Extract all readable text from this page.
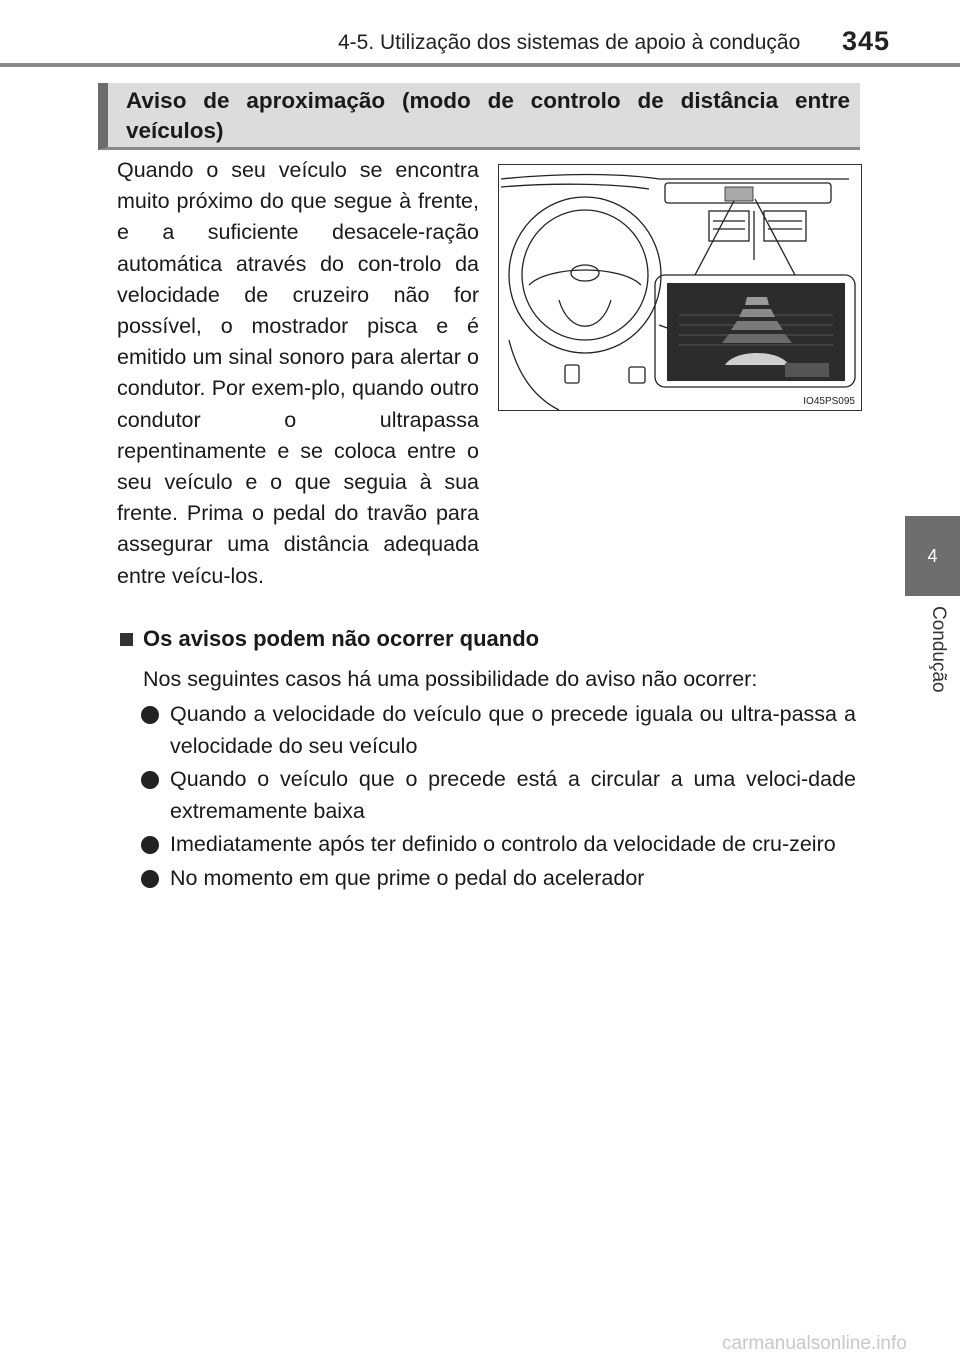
4-5. Utilização dos sistemas de apoio à condução 345
4
Condução
Aviso de aproximação (modo de controlo de distância entre veículos)
Quando o seu veículo se encontra muito próximo do que segue à frente, e a suficiente desacele-ração automática através do con-trolo da velocidade de cruzeiro não for possível, o mostrador pisca e é emitido um sinal sonoro para alertar o condutor. Por exem-plo, quando outro condutor o ultrapassa repentinamente e se coloca entre o seu veículo e o que seguia à sua frente. Prima o pedal do travão para assegurar uma distância adequada entre veícu-los.
IO45PS095
Os avisos podem não ocorrer quando
Nos seguintes casos há uma possibilidade do aviso não ocorrer:
Quando a velocidade do veículo que o precede iguala ou ultra-passa a velocidade do seu veículo
Quando o veículo que o precede está a circular a uma veloci-dade extremamente baixa
Imediatamente após ter definido o controlo da velocidade de cru-zeiro
No momento em que prime o pedal do acelerador
carmanualsonline.info
